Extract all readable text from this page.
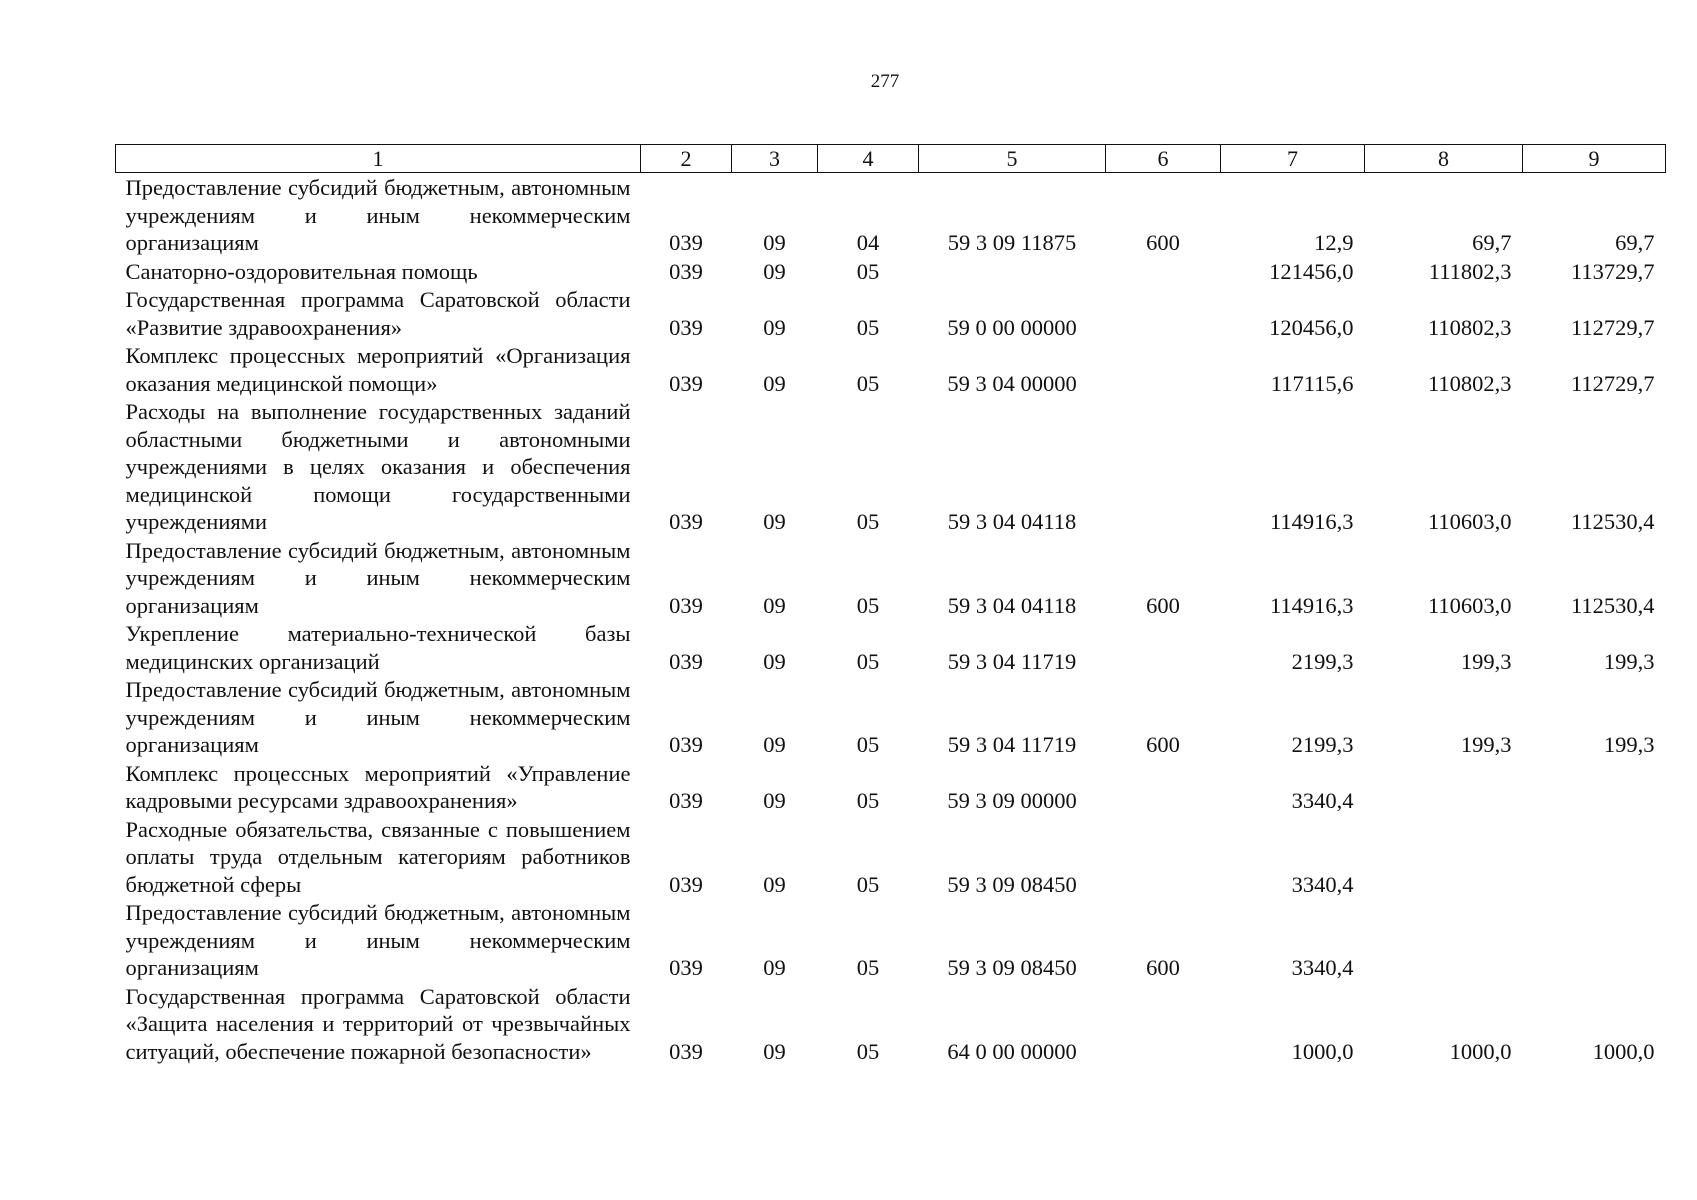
277
1	2	3	4	5	6	7	8	9
Предоставление субсидий бюджетным, автономным учреждениям и иным некоммерческим организациям	039	09	04	59 3 09 11875	600	12,9	69,7	69,7
Санаторно-оздоровительная помощь	039	09	05			121456,0	111802,3	113729,7
Государственная программа Саратовской области «Развитие здравоохранения»	039	09	05	59 0 00 00000		120456,0	110802,3	112729,7
Комплекс процессных мероприятий «Организация оказания медицинской помощи»	039	09	05	59 3 04 00000		117115,6	110802,3	112729,7
Расходы на выполнение государственных заданий областными бюджетными и автономными учреждениями в целях оказания и обеспечения медицинской помощи государственными учреждениями	039	09	05	59 3 04 04118		114916,3	110603,0	112530,4
Предоставление субсидий бюджетным, автономным учреждениям и иным некоммерческим организациям	039	09	05	59 3 04 04118	600	114916,3	110603,0	112530,4
Укрепление материально-технической базы медицинских организаций	039	09	05	59 3 04 11719		2199,3	199,3	199,3
Предоставление субсидий бюджетным, автономным учреждениям и иным некоммерческим организациям	039	09	05	59 3 04 11719	600	2199,3	199,3	199,3
Комплекс процессных мероприятий «Управление кадровыми ресурсами здравоохранения»	039	09	05	59 3 09 00000		3340,4		
Расходные обязательства, связанные с повышением оплаты труда отдельным категориям работников бюджетной сферы	039	09	05	59 3 09 08450		3340,4		
Предоставление субсидий бюджетным, автономным учреждениям и иным некоммерческим организациям	039	09	05	59 3 09 08450	600	3340,4		
Государственная программа Саратовской области «Защита населения и территорий от чрезвычайных ситуаций, обеспечение пожарной безопасности»	039	09	05	64 0 00 00000		1000,0	1000,0	1000,0
